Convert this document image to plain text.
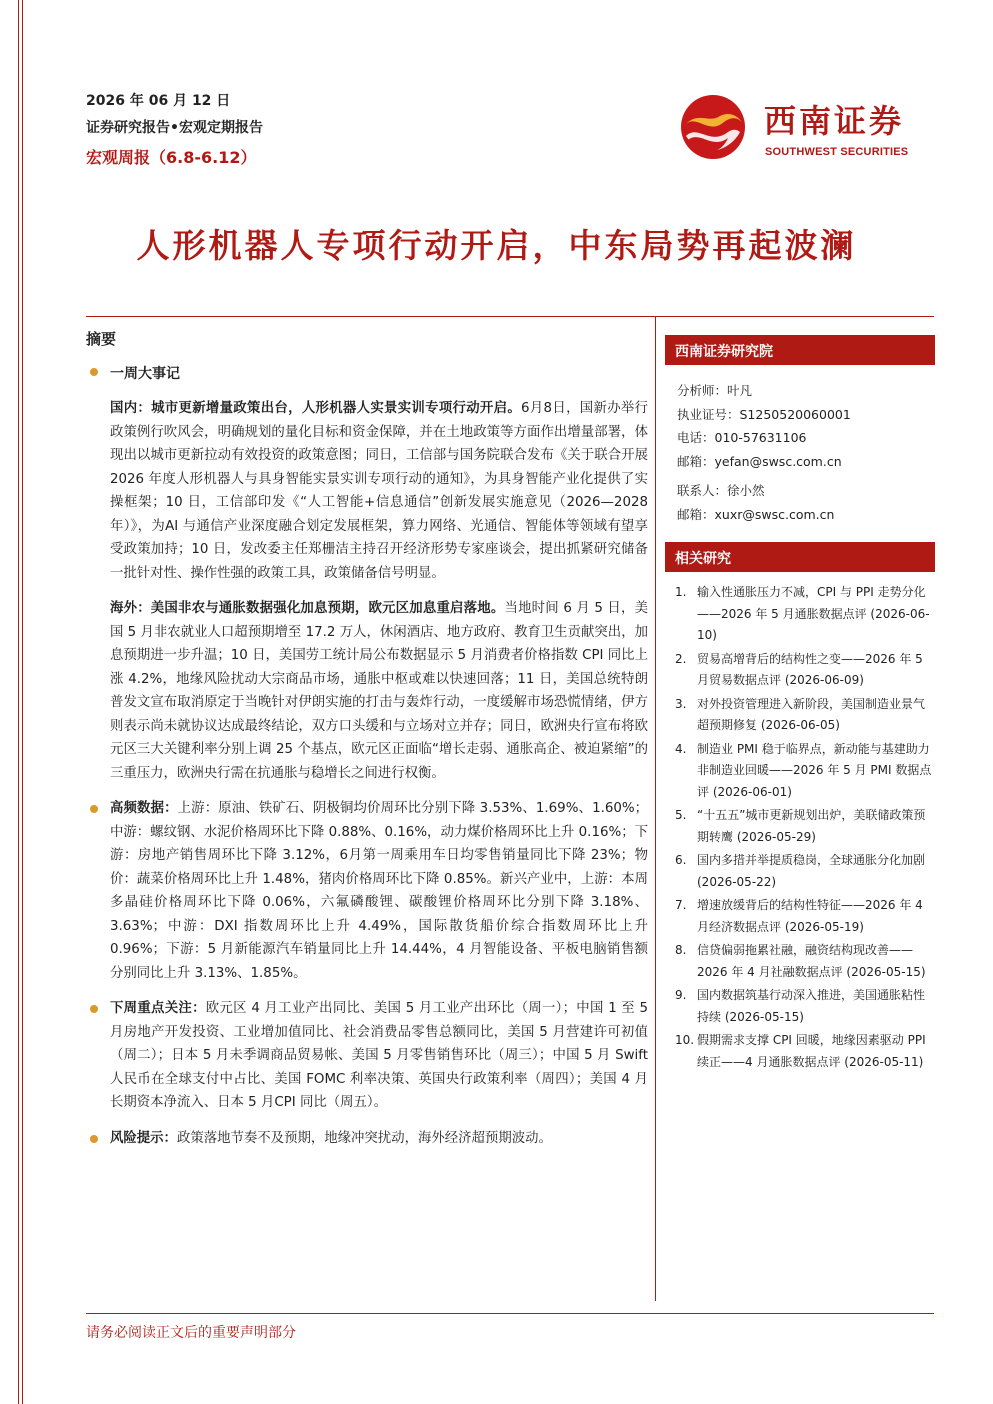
2026 年 06 月 12 日
证券研究报告•宏观定期报告
宏观周报（6.8-6.12）
西南证券
SOUTHWEST SECURITIES
人形机器人专项行动开启，中东局势再起波澜
摘要
一周大事记
国内：城市更新增量政策出台，人形机器人实景实训专项行动开启。6月8日，国新办举行政策例行吹风会，明确规划的量化目标和资金保障，并在土地政策等方面作出增量部署，体现出以城市更新拉动有效投资的政策意图；同日，工信部与国务院联合发布《关于联合开展 2026 年度人形机器人与具身智能实景实训专项行动的通知》，为具身智能产业化提供了实操框架；10 日，工信部印发《“人工智能+信息通信”创新发展实施意见（2026—2028 年）》，为AI 与通信产业深度融合划定发展框架，算力网络、光通信、智能体等领域有望享受政策加持；10 日，发改委主任郑栅洁主持召开经济形势专家座谈会，提出抓紧研究储备一批针对性、操作性强的政策工具，政策储备信号明显。
海外：美国非农与通胀数据强化加息预期，欧元区加息重启落地。当地时间 6 月 5 日，美国 5 月非农就业人口超预期增至 17.2 万人，休闲酒店、地方政府、教育卫生贡献突出，加息预期进一步升温；10 日，美国劳工统计局公布数据显示 5 月消费者价格指数 CPI 同比上涨 4.2%，地缘风险扰动大宗商品市场，通胀中枢或难以快速回落；11 日，美国总统特朗普发文宣布取消原定于当晚针对伊朗实施的打击与轰炸行动，一度缓解市场恐慌情绪，伊方则表示尚未就协议达成最终结论，双方口头缓和与立场对立并存；同日，欧洲央行宣布将欧元区三大关键利率分别上调 25 个基点，欧元区正面临“增长走弱、通胀高企、被迫紧缩”的三重压力，欧洲央行需在抗通胀与稳增长之间进行权衡。
高频数据：上游：原油、铁矿石、阴极铜均价周环比分别下降 3.53%、1.69%、1.60%；中游：螺纹钢、水泥价格周环比下降 0.88%、0.16%，动力煤价格周环比上升 0.16%；下游：房地产销售周环比下降 3.12%，6月第一周乘用车日均零售销量同比下降 23%；物价：蔬菜价格周环比上升 1.48%，猪肉价格周环比下降 0.85%。新兴产业中，上游：本周多晶硅价格周环比下降 0.06%，六氟磷酸锂、碳酸锂价格周环比分别下降 3.18%、3.63%；中游：DXI 指数周环比上升 4.49%，国际散货船价综合指数周环比上升 0.96%；下游：5 月新能源汽车销量同比上升 14.44%，4 月智能设备、平板电脑销售额分别同比上升 3.13%、1.85%。
下周重点关注：欧元区 4 月工业产出同比、美国 5 月工业产出环比（周一）；中国 1 至 5 月房地产开发投资、工业增加值同比、社会消费品零售总额同比，美国 5 月营建许可初值（周二）；日本 5 月未季调商品贸易帐、美国 5 月零售销售环比（周三）；中国 5 月 Swift 人民币在全球支付中占比、美国 FOMC 利率决策、英国央行政策利率（周四）；美国 4 月长期资本净流入、日本 5 月CPI 同比（周五）。
风险提示：政策落地节奏不及预期，地缘冲突扰动，海外经济超预期波动。
西南证券研究院
分析师：叶凡
执业证号：S1250520060001
电话：010-57631106
邮箱：yefan@swsc.com.cn
联系人：徐小然
邮箱：xuxr@swsc.com.cn
相关研究
1. 输入性通胀压力不减，CPI 与 PPI 走势分化——2026 年 5 月通胀数据点评 (2026-06-10)
2. 贸易高增背后的结构性之变——2026 年 5 月贸易数据点评 (2026-06-09)
3. 对外投资管理进入新阶段，美国制造业景气超预期修复 (2026-06-05)
4. 制造业 PMI 稳于临界点，新动能与基建助力非制造业回暖——2026 年 5 月 PMI 数据点评 (2026-06-01)
5. “十五五”城市更新规划出炉，美联储政策预期转鹰 (2026-05-29)
6. 国内多措并举提质稳岗，全球通胀分化加剧 (2026-05-22)
7. 增速放缓背后的结构性特征——2026 年 4 月经济数据点评 (2026-05-19)
8. 信贷偏弱拖累社融，融资结构现改善——2026 年 4 月社融数据点评 (2026-05-15)
9. 国内数据筑基行动深入推进，美国通胀粘性持续 (2026-05-15)
10. 假期需求支撑 CPI 回暖，地缘因素驱动 PPI 续正——4 月通胀数据点评 (2026-05-11)
请务必阅读正文后的重要声明部分
